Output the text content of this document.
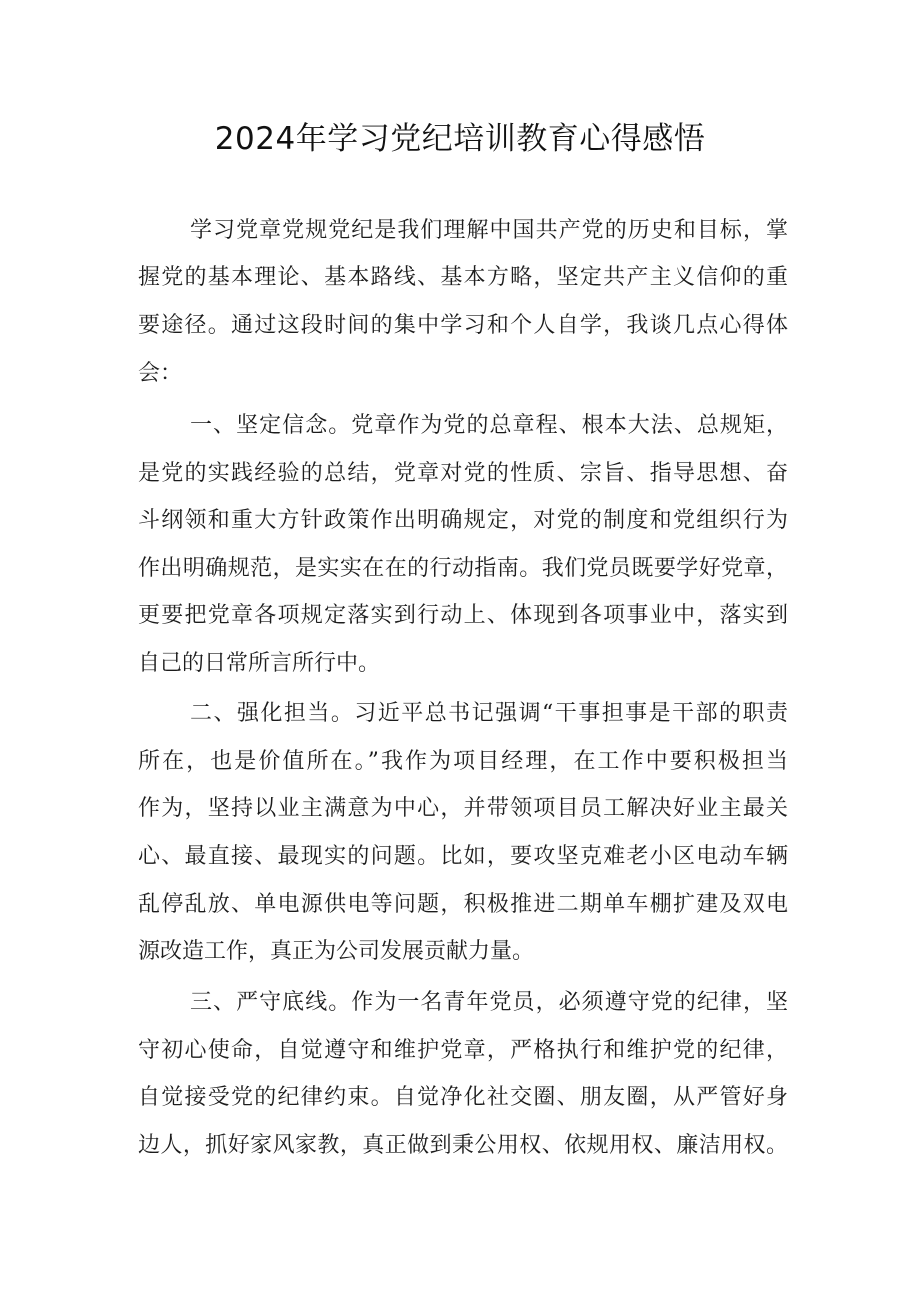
2024年学习党纪培训教育心得感悟
学习党章党规党纪是我们理解中国共产党的历史和目标，掌
握党的基本理论、基本路线、基本方略，坚定共产主义信仰的重
要途径。通过这段时间的集中学习和个人自学，我谈几点心得体
会：
一、坚定信念。党章作为党的总章程、根本大法、总规矩，
是党的实践经验的总结，党章对党的性质、宗旨、指导思想、奋
斗纲领和重大方针政策作出明确规定，对党的制度和党组织行为
作出明确规范，是实实在在的行动指南。我们党员既要学好党章，
更要把党章各项规定落实到行动上、体现到各项事业中，落实到
自己的日常所言所行中。
二、强化担当。习近平总书记强调“干事担事是干部的职责
所在，也是价值所在。”我作为项目经理，在工作中要积极担当
作为，坚持以业主满意为中心，并带领项目员工解决好业主最关
心、最直接、最现实的问题。比如，要攻坚克难老小区电动车辆
乱停乱放、单电源供电等问题，积极推进二期单车棚扩建及双电
源改造工作，真正为公司发展贡献力量。
三、严守底线。作为一名青年党员，必须遵守党的纪律，坚
守初心使命，自觉遵守和维护党章，严格执行和维护党的纪律，
自觉接受党的纪律约束。自觉净化社交圈、朋友圈，从严管好身
边人，抓好家风家教，真正做到秉公用权、依规用权、廉洁用权。
